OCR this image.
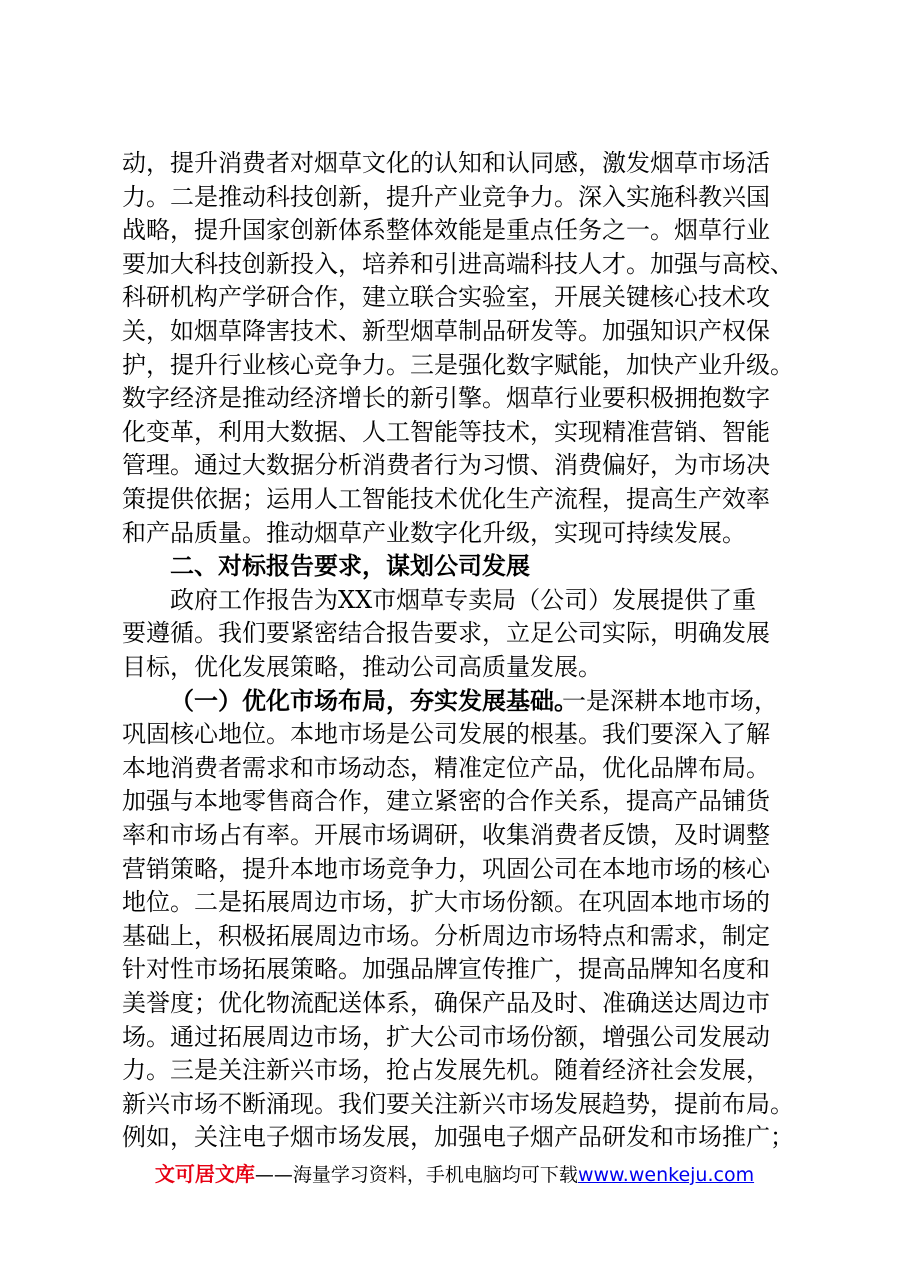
动，提升消费者对烟草文化的认知和认同感，激发烟草市场活
力。二是推动科技创新，提升产业竞争力。深入实施科教兴国
战略，提升国家创新体系整体效能是重点任务之一。烟草行业
要加大科技创新投入，培养和引进高端科技人才。加强与高校、
科研机构产学研合作，建立联合实验室，开展关键核心技术攻
关，如烟草降害技术、新型烟草制品研发等。加强知识产权保
护，提升行业核心竞争力。三是强化数字赋能，加快产业升级。
数字经济是推动经济增长的新引擎。烟草行业要积极拥抱数字
化变革，利用大数据、人工智能等技术，实现精准营销、智能
管理。通过大数据分析消费者行为习惯、消费偏好，为市场决
策提供依据；运用人工智能技术优化生产流程，提高生产效率
和产品质量。推动烟草产业数字化升级，实现可持续发展。
二、对标报告要求，谋划公司发展
政府工作报告为XX市烟草专卖局（公司）发展提供了重
要遵循。我们要紧密结合报告要求，立足公司实际，明确发展
目标，优化发展策略，推动公司高质量发展。
（一）优化市场布局，夯实发展基础。
一是深耕本地市场，
巩固核心地位。本地市场是公司发展的根基。我们要深入了解
本地消费者需求和市场动态，精准定位产品，优化品牌布局。
加强与本地零售商合作，建立紧密的合作关系，提高产品铺货
率和市场占有率。开展市场调研，收集消费者反馈，及时调整
营销策略，提升本地市场竞争力，巩固公司在本地市场的核心
地位。二是拓展周边市场，扩大市场份额。在巩固本地市场的
基础上，积极拓展周边市场。分析周边市场特点和需求，制定
针对性市场拓展策略。加强品牌宣传推广，提高品牌知名度和
美誉度；优化物流配送体系，确保产品及时、准确送达周边市
场。通过拓展周边市场，扩大公司市场份额，增强公司发展动
力。三是关注新兴市场，抢占发展先机。随着经济社会发展，
新兴市场不断涌现。我们要关注新兴市场发展趋势，提前布局。
例如，关注电子烟市场发展，加强电子烟产品研发和市场推广；
文可居文库——海量学习资料，手机电脑均可下载www.wenkeju.com
